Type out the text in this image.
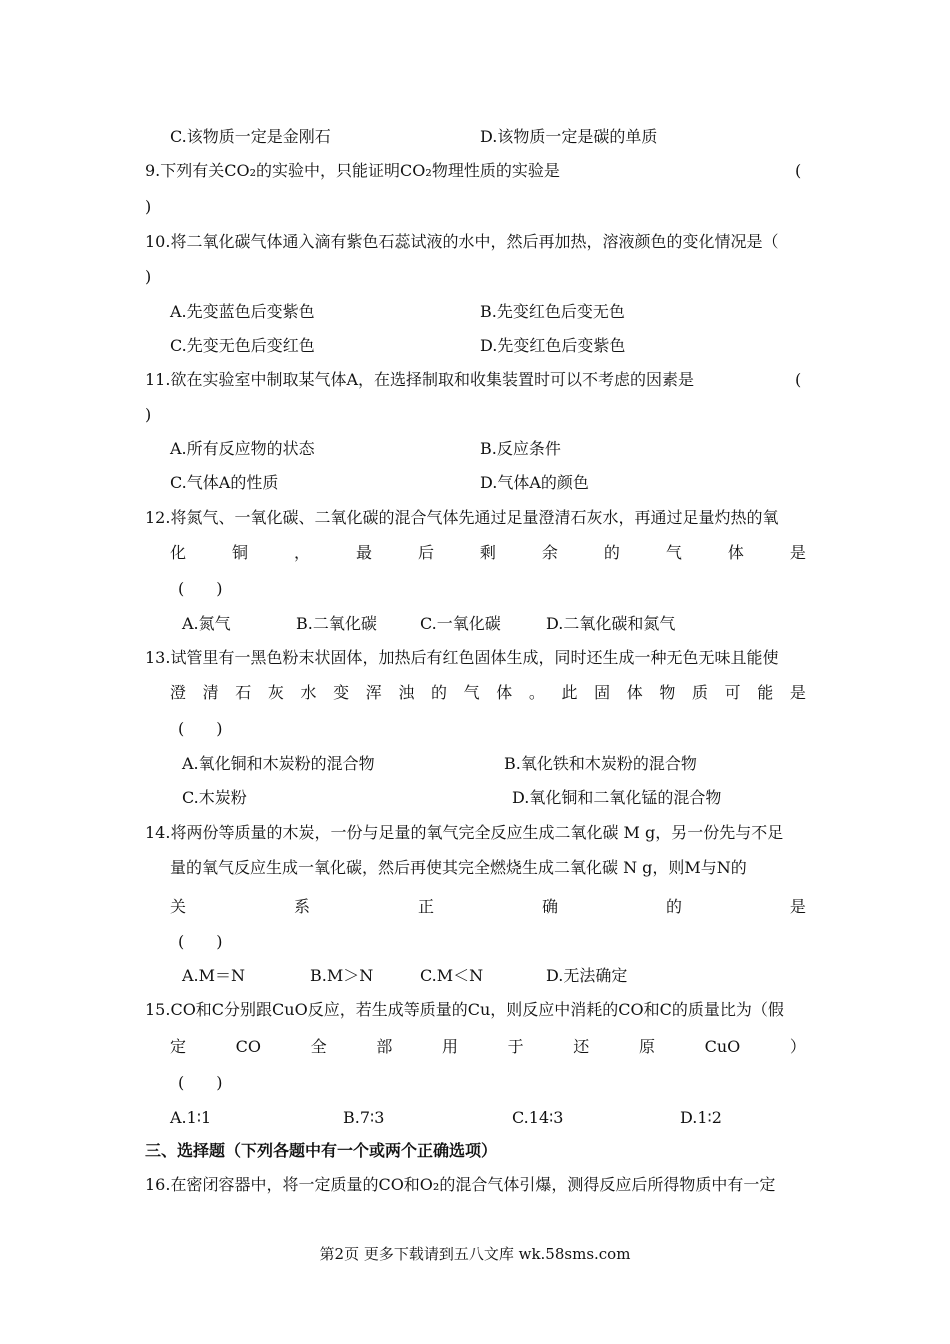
C.该物质一定是金刚石	D.该物质一定是碳的单质
9.下列有关CO₂的实验中，只能证明CO₂物理性质的实验是	(
)
10.将二氧化碳气体通入滴有紫色石蕊试液的水中，然后再加热，溶液颜色的变化情况是（
)
A.先变蓝色后变紫色	B.先变红色后变无色
C.先变无色后变红色	D.先变红色后变紫色
11.欲在实验室中制取某气体A，在选择制取和收集装置时可以不考虑的因素是	(
)
A.所有反应物的状态	B.反应条件
C.气体A的性质	D.气体A的颜色
12.将氮气、一氧化碳、二氧化碳的混合气体先通过足量澄清石灰水，再通过足量灼热的氧
化	铜	，	最	后	剩	余	的	气	体	是
(　　)
A.氮气	B.二氧化碳	C.一氧化碳	D.二氧化碳和氮气
13.试管里有一黑色粉末状固体，加热后有红色固体生成，同时还生成一种无色无味且能使
澄 清 石 灰 水 变 浑 浊 的 气 体 。 此 固 体 物 质 可 能 是
(　　)
A.氧化铜和木炭粉的混合物	B.氧化铁和木炭粉的混合物
C.木炭粉	D.氧化铜和二氧化锰的混合物
14.将两份等质量的木炭，一份与足量的氧气完全反应生成二氧化碳 M g，另一份先与不足
量的氧气反应生成一氧化碳，然后再使其完全燃烧生成二氧化碳 N g，则M与N的
关	系	正	确	的	是
(　　)
A.M＝N	B.M＞N	C.M＜N	D.无法确定
15.CO和C分别跟CuO反应，若生成等质量的Cu，则反应中消耗的CO和C的质量比为（假
定	CO	全	部	用	于	还	原	CuO	）
(　　)
A.1∶1	B.7∶3	C.14∶3	D.1∶2
三、选择题（下列各题中有一个或两个正确选项）
16.在密闭容器中，将一定质量的CO和O₂的混合气体引爆，测得反应后所得物质中有一定
第2页 更多下载请到五八文库 wk.58sms.com
